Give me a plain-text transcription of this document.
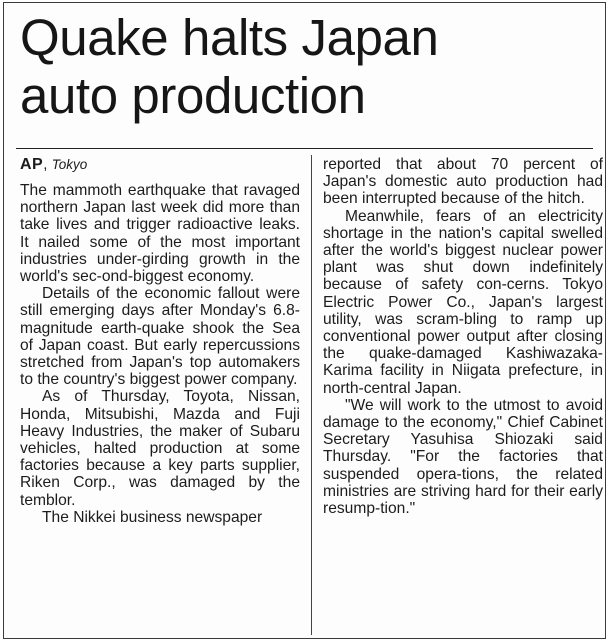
Quake halts Japan
auto production
AP, Tokyo

The mammoth earthquake that ravaged northern Japan last week did more than take lives and trigger radioactive leaks. It nailed some of the most important industries under-girding growth in the world's sec-ond-biggest economy.

Details of the economic fallout were still emerging days after Monday's 6.8-magnitude earth-quake shook the Sea of Japan coast. But early repercussions stretched from Japan's top automakers to the country's biggest power company.

As of Thursday, Toyota, Nissan, Honda, Mitsubishi, Mazda and Fuji Heavy Industries, the maker of Subaru vehicles, halted production at some factories because a key parts supplier, Riken Corp., was damaged by the temblor.

The Nikkei business newspaper

reported that about 70 percent of Japan's domestic auto production had been interrupted because of the hitch.

Meanwhile, fears of an electricity shortage in the nation's capital swelled after the world's biggest nuclear power plant was shut down indefinitely because of safety con-cerns. Tokyo Electric Power Co., Japan's largest utility, was scram-bling to ramp up conventional power output after closing the quake-damaged Kashiwazaka-Karima facility in Niigata prefecture, in north-central Japan.

"We will work to the utmost to avoid damage to the economy," Chief Cabinet Secretary Yasuhisa Shiozaki said Thursday. "For the factories that suspended opera-tions, the related ministries are striving hard for their early resump-tion."
